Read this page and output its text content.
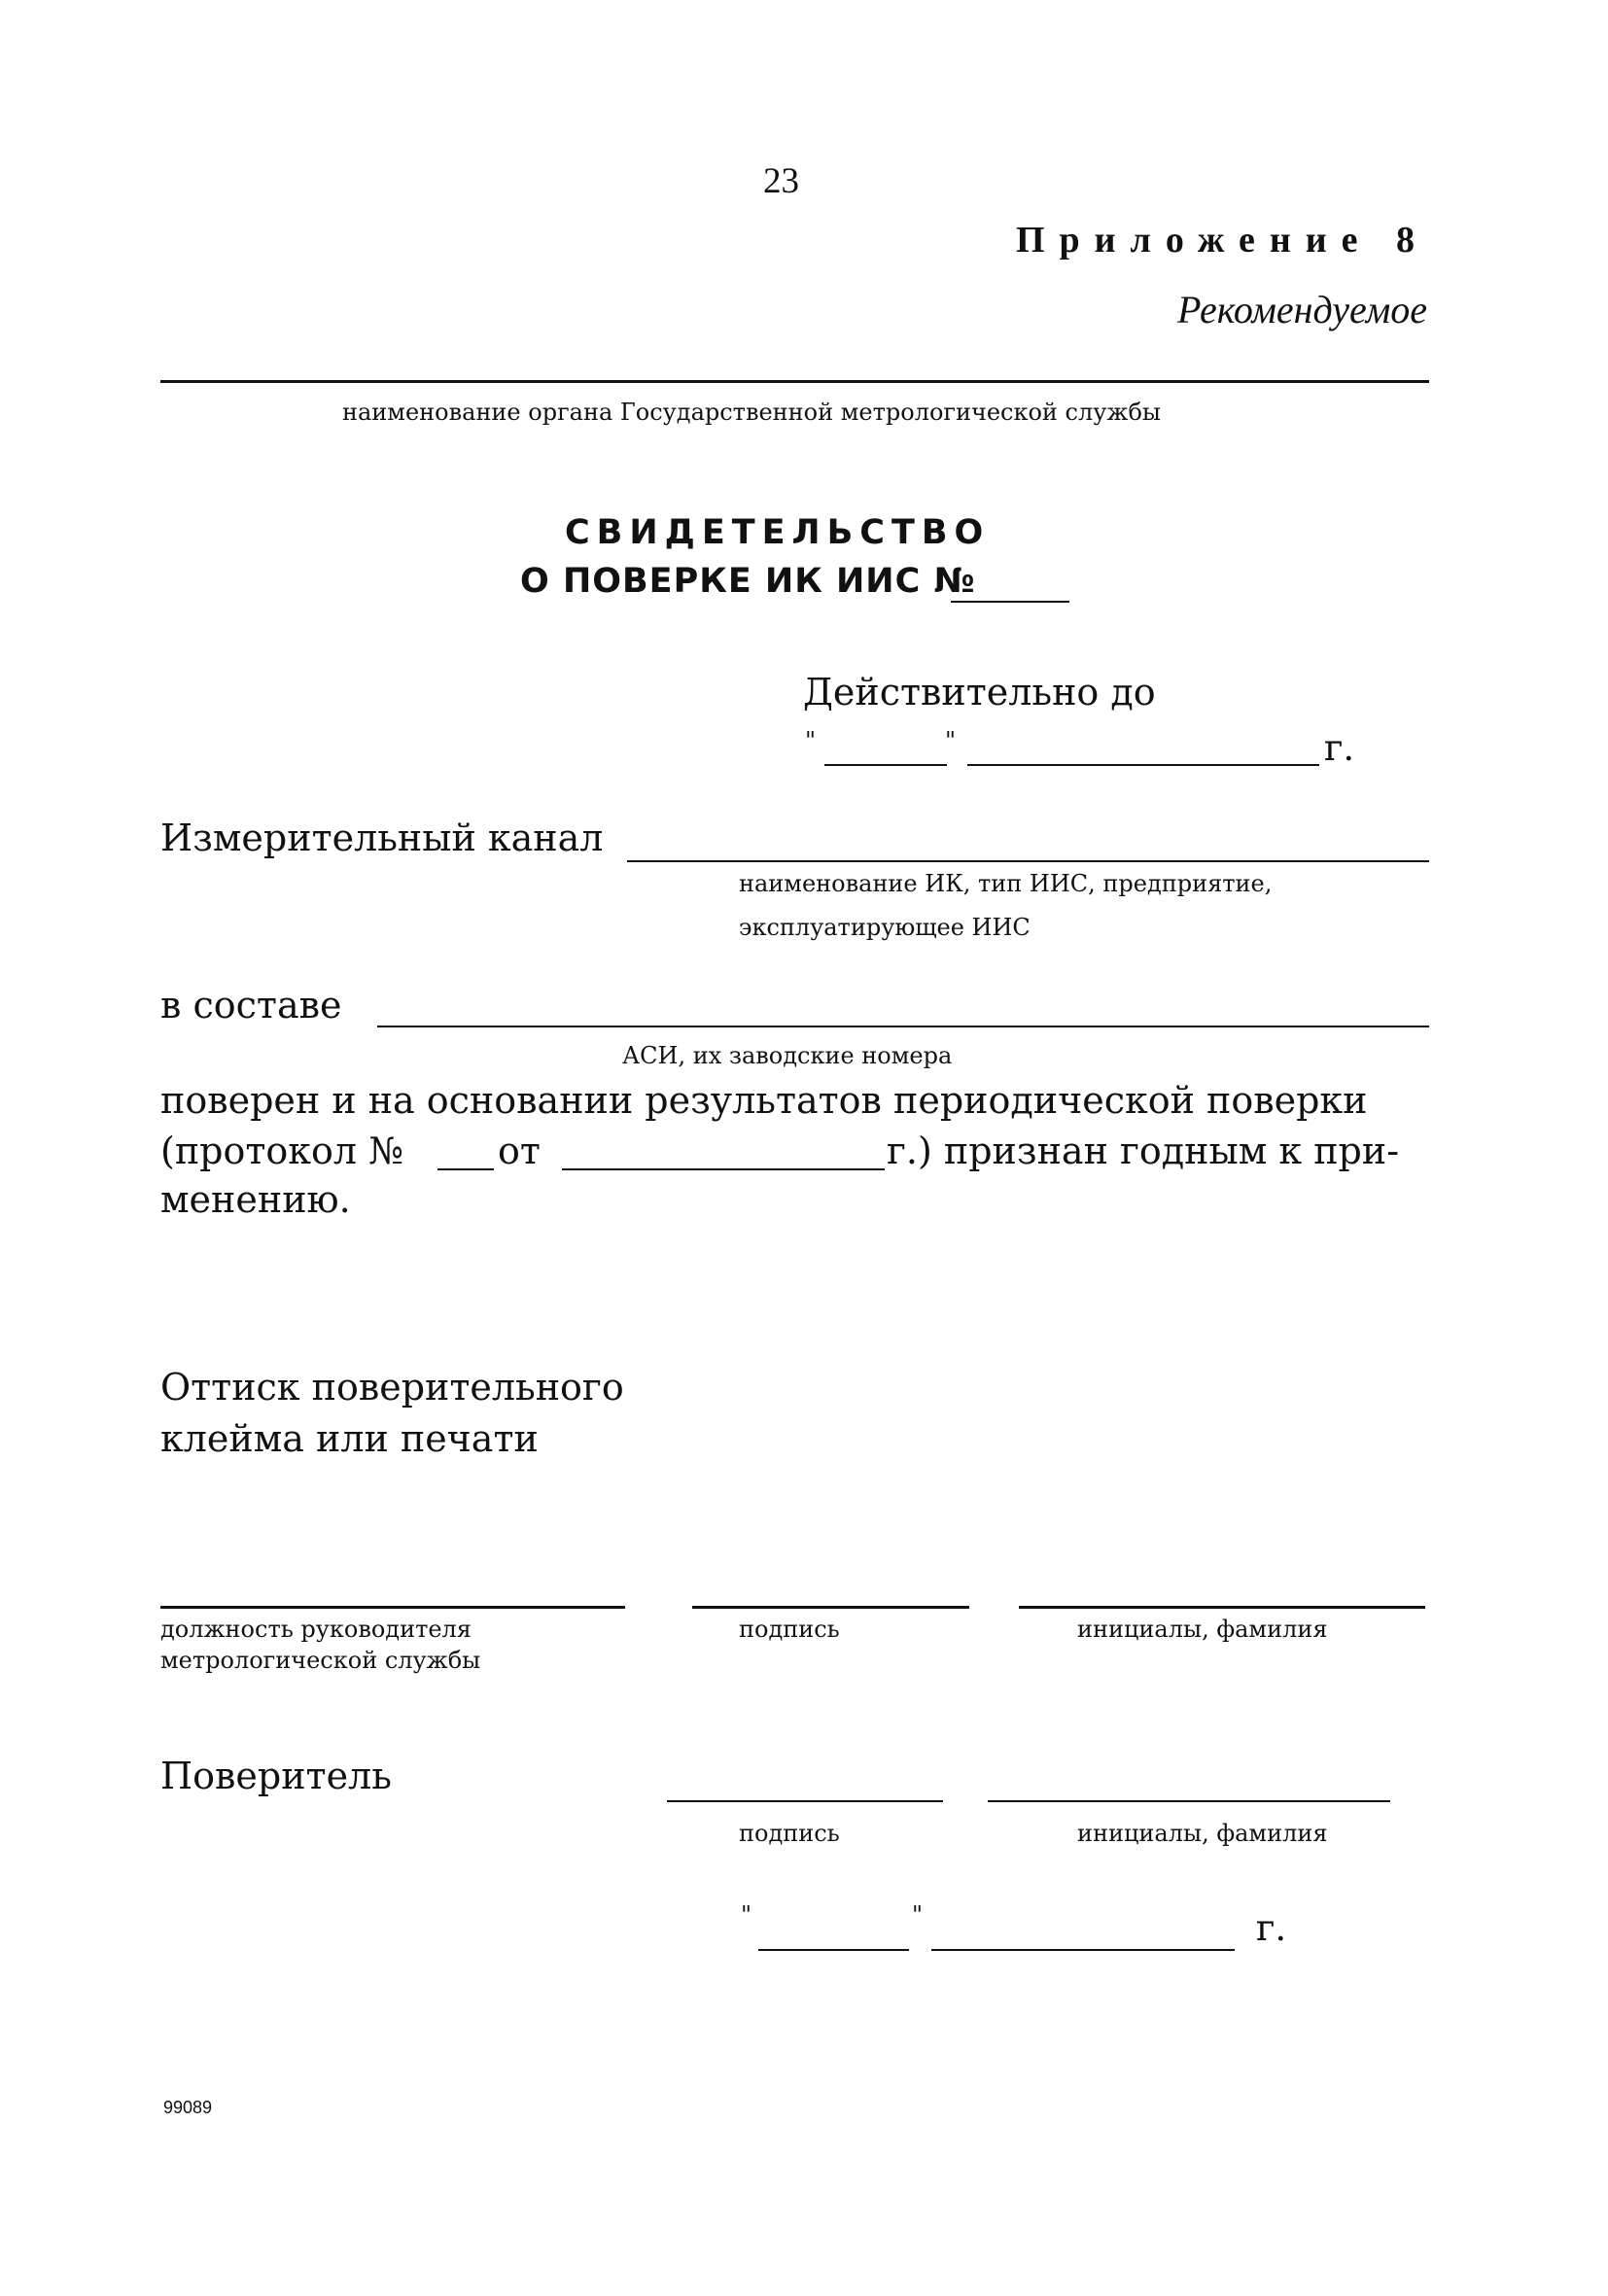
23
Приложение 8
Рекомендуемое
наименование органа Государственной метрологической службы
СВИДЕТЕЛЬСТВО
О ПОВЕРКЕ ИК ИИС №
Действительно до
"	"	г.
Измерительный канал
наименование ИК, тип ИИС, предприятие,
эксплуатирующее ИИС
в составе
АСИ, их заводские номера
поверен и на основании результатов периодической поверки
(протокол №	от	г.) признан годным к при-
менению.
Оттиск поверительного
клейма или печати
должность руководителя
метрологической службы
подпись	инициалы, фамилия
Поверитель
подпись	инициалы, фамилия
"	"	г.
99089
